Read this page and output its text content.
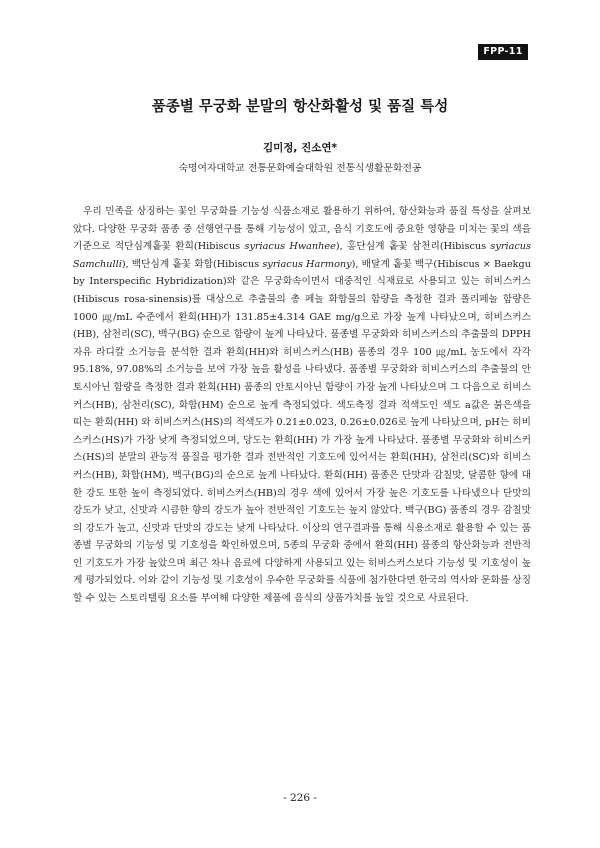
FPP-11
품종별 무궁화 분말의 항산화활성 및 품질 특성
김미정, 진소연*
숙명여자대학교 전통문화예술대학원 전통식생활문화전공

우리 민족을 상징하는 꽃인 무궁화를 기능성 식품소재로 활용하기 위하여, 항산화능과 품질 특성을 살펴보았다. 다양한 무궁화 품종 중 선행연구를 통해 기능성이 있고, 음식 기호도에 중요한 영향을 미치는 꽃의 색을 기준으로 적단심계홑꽃 환희(Hibiscus syriacus Hwanhee), 홍단심계 홑꽃 삼천리(Hibiscus syriacus Samchulli), 백단심계 홑꽃 화합(Hibiscus syriacus Harmony), 배달계 홑꽃 백구(Hibiscus × Baekgu by Interspecific Hybridization)와 같은 무궁화속이면서 대중적인 식재료로 사용되고 있는 히비스커스(Hibiscus rosa-sinensis)를 대상으로 추출물의 총 페놀 화합물의 함량을 측정한 결과 폴리페놀 함량은 1000 ㎍/mL 수준에서 환희(HH)가 131.85±4.314 GAE mg/g으로 가장 높게 나타났으며, 히비스커스(HB), 삼천리(SC), 백구(BG) 순으로 함량이 높게 나타났다. 품종별 무궁화와 히비스커스의 추출물의 DPPH 자유 라디칼 소거능을 분석한 결과 환희(HH)와 히비스커스(HB) 품종의 경우 100 ㎍/mL 농도에서 각각 95.18%, 97.08%의 소거능을 보여 가장 높을 활성을 나타냈다. 품종별 무궁화와 히비스커스의 추출물의 안토시아닌 함량을 측정한 결과 환희(HH) 품종의 안토시아닌 함량이 가장 높게 나타났으며 그 다음으로 히비스커스(HB), 삼천리(SC), 화합(HM) 순으로 높게 측정되었다. 색도측정 결과 적색도인 색도 a값은 붉은색을 띠는 환희(HH) 와 히비스커스(HS)의 적색도가 0.21±0.023, 0.26±0.026로 높게 나타났으며, pH는 히비스커스(HS)가 가장 낮게 측정되었으며, 당도는 환희(HH) 가 가장 높게 나타났다. 품종별 무궁화와 히비스커스(HS)의 분말의 관능적 품질을 평가한 결과 전반적인 기호도에 있어서는 환희(HH), 삼천리(SC)와 히비스커스(HB), 화합(HM), 백구(BG)의 순으로 높게 나타났다. 환희(HH) 품종은 단맛과 감칠맛, 달콤한 향에 대한 강도 또한 높이 측정되었다. 히비스커스(HB)의 경우 색에 있어서 가장 높은 기호도를 나타냈으나 단맛의 강도가 낮고, 신맛과 시큼한 향의 강도가 높아 전반적인 기호도는 높지 않았다. 백구(BG) 품종의 경우 감칠맛의 강도가 높고, 신맛과 단맛의 강도는 낮게 나타났다. 이상의 연구결과를 통해 식용소재로 활용할 수 있는 품종별 무궁화의 기능성 및 기호성을 확인하였으며, 5종의 무궁화 중에서 환희(HH) 품종의 항산화능과 전반적인 기호도가 가장 높았으며 최근 차나 음료에 다양하게 사용되고 있는 히비스커스보다 기능성 및 기호성이 높게 평가되었다. 이와 같이 기능성 및 기호성이 우수한 무궁화를 식품에 첨가한다면 한국의 역사와 문화를 상징할 수 있는 스토리텔링 요소를 부여해 다양한 제품에 음식의 상품가치를 높일 것으로 사료된다.

- 226 -
